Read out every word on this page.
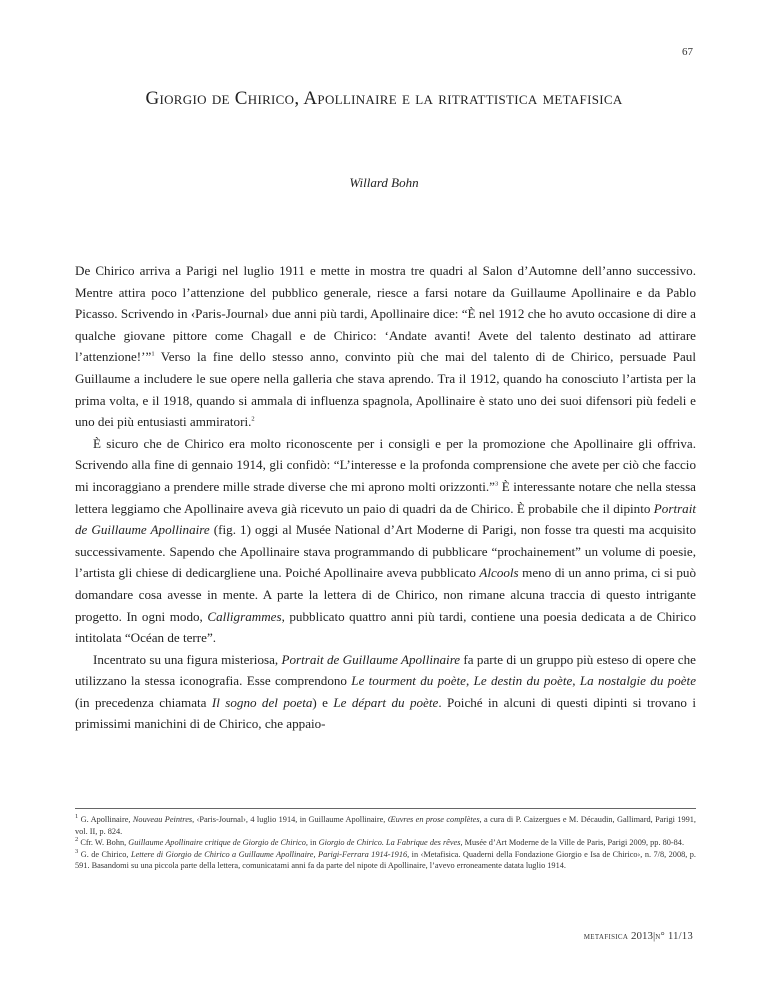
67
Giorgio de Chirico, Apollinaire e la ritrattistica metafisica
Willard Bohn

De Chirico arriva a Parigi nel luglio 1911 e mette in mostra tre quadri al Salon d’Automne dell’anno successivo. Mentre attira poco l’attenzione del pubblico generale, riesce a farsi notare da Guillaume Apollinaire e da Pablo Picasso. Scrivendo in ‹Paris-Journal› due anni più tardi, Apollinaire dice: “È nel 1912 che ho avuto occasione di dire a qualche giovane pittore come Chagall e de Chirico: ‘Andate avanti! Avete del talento destinato ad attirare l’attenzione!’”$^1$ Verso la fine dello stesso anno, convinto più che mai del talento di de Chirico, persuade Paul Guillaume a includere le sue opere nella galleria che stava aprendo. Tra il 1912, quando ha conosciuto l’artista per la prima volta, e il 1918, quando si ammala di influenza spagnola, Apollinaire è stato uno dei suoi difensori più fedeli e uno dei più entusiasti ammiratori.$^2$

È sicuro che de Chirico era molto riconoscente per i consigli e per la promozione che Apollinaire gli offriva. Scrivendo alla fine di gennaio 1914, gli confidò: “L’interesse e la profonda comprensione che avete per ciò che faccio mi incoraggiano a prendere mille strade diverse che mi aprono molti orizzonti.”$^3$ È interessante notare che nella stessa lettera leggiamo che Apollinaire aveva già ricevuto un paio di quadri da de Chirico. È probabile che il dipinto Portrait de Guillaume Apollinaire (fig. 1) oggi al Musée National d’Art Moderne di Parigi, non fosse tra questi ma acquisito successivamente. Sapendo che Apollinaire stava programmando di pubblicare “prochainement” un volume di poesie, l’artista gli chiese di dedicargliene una. Poiché Apollinaire aveva pubblicato Alcools meno di un anno prima, ci si può domandare cosa avesse in mente. A parte la lettera di de Chirico, non rimane alcuna traccia di questo intrigante progetto. In ogni modo, Calligrammes, pubblicato quattro anni più tardi, contiene una poesia dedicata a de Chirico intitolata “Océan de terre”.

Incentrato su una figura misteriosa, Portrait de Guillaume Apollinaire fa parte di un gruppo più esteso di opere che utilizzano la stessa iconografia. Esse comprendono Le tourment du poète, Le destin du poète, La nostalgie du poète (in precedenza chiamata Il sogno del poeta) e Le départ du poète. Poiché in alcuni di questi dipinti si trovano i primissimi manichini di de Chirico, che appaio-

$^1$ G. Apollinaire, Nouveau Peintres, ‹Paris-Journal›, 4 luglio 1914, in Guillaume Apollinaire, Œuvres en prose complètes, a cura di P. Caizergues e M. Décaudin, Gallimard, Parigi 1991, vol. II, p. 824.

$^2$ Cfr. W. Bohn, Guillaume Apollinaire critique de Giorgio de Chirico, in Giorgio de Chirico. La Fabrique des rêves, Musée d’Art Moderne de la Ville de Paris, Parigi 2009, pp. 80-84.

$^3$ G. de Chirico, Lettere di Giorgio de Chirico a Guillaume Apollinaire, Parigi-Ferrara 1914-1916, in ‹Metafisica. Quaderni della Fondazione Giorgio e Isa de Chirico›, n. 7/8, 2008, p. 591. Basandomi su una piccola parte della lettera, comunicatami anni fa da parte del nipote di Apollinaire, l’avevo erroneamente datata luglio 1914.

metafisica 2013|n° 11/13
